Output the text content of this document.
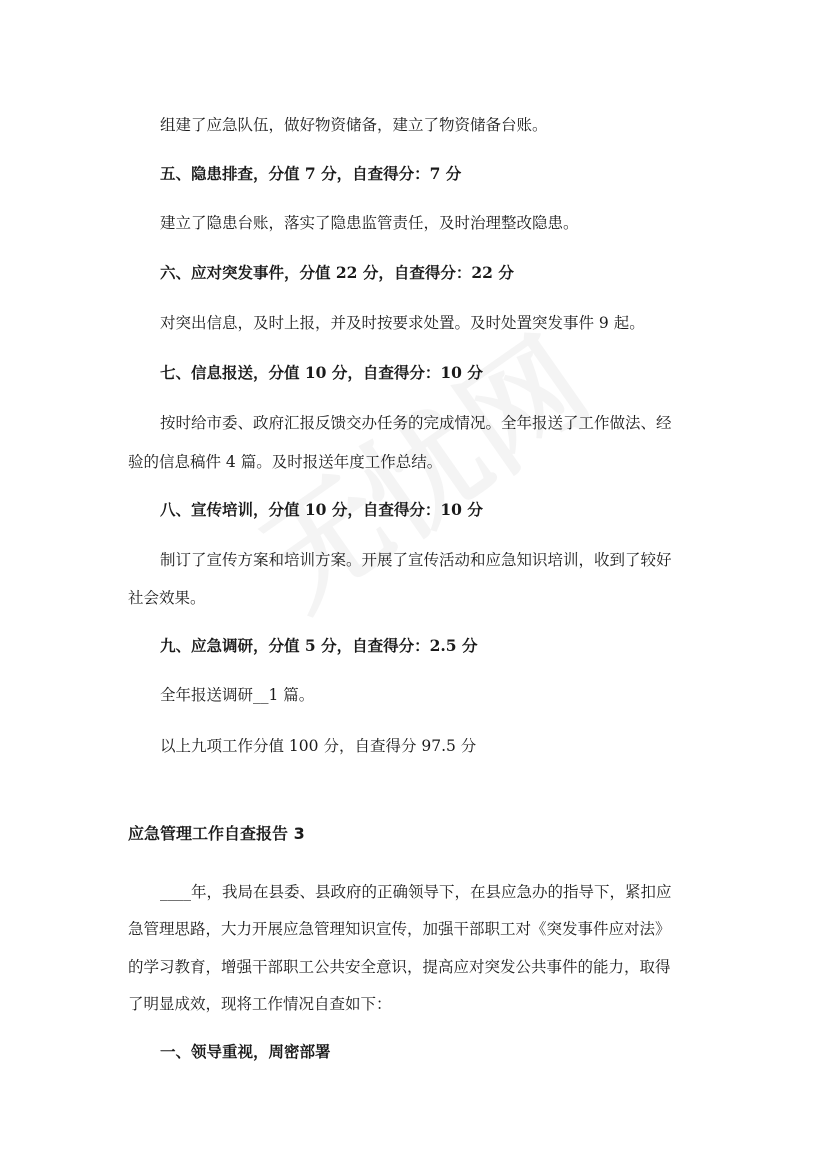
组建了应急队伍，做好物资储备，建立了物资储备台账。
五、隐患排查，分值 7 分，自查得分：7 分
建立了隐患台账，落实了隐患监管责任，及时治理整改隐患。
六、应对突发事件，分值 22 分，自查得分：22 分
对突出信息，及时上报，并及时按要求处置。及时处置突发事件 9 起。
七、信息报送，分值 10 分，自查得分：10 分
按时给市委、政府汇报反馈交办任务的完成情况。全年报送了工作做法、经
验的信息稿件 4 篇。及时报送年度工作总结。
八、宣传培训，分值 10 分，自查得分：10 分
制订了宣传方案和培训方案。开展了宣传活动和应急知识培训，收到了较好
社会效果。
九、应急调研，分值 5 分，自查得分：2.5 分
全年报送调研__1 篇。
以上九项工作分值 100 分，自查得分 97.5 分
应急管理工作自查报告 3
____年，我局在县委、县政府的正确领导下，在县应急办的指导下，紧扣应
急管理思路，大力开展应急管理知识宣传，加强干部职工对《突发事件应对法》
的学习教育，增强干部职工公共安全意识，提高应对突发公共事件的能力，取得
了明显成效，现将工作情况自查如下：
一、领导重视，周密部署
